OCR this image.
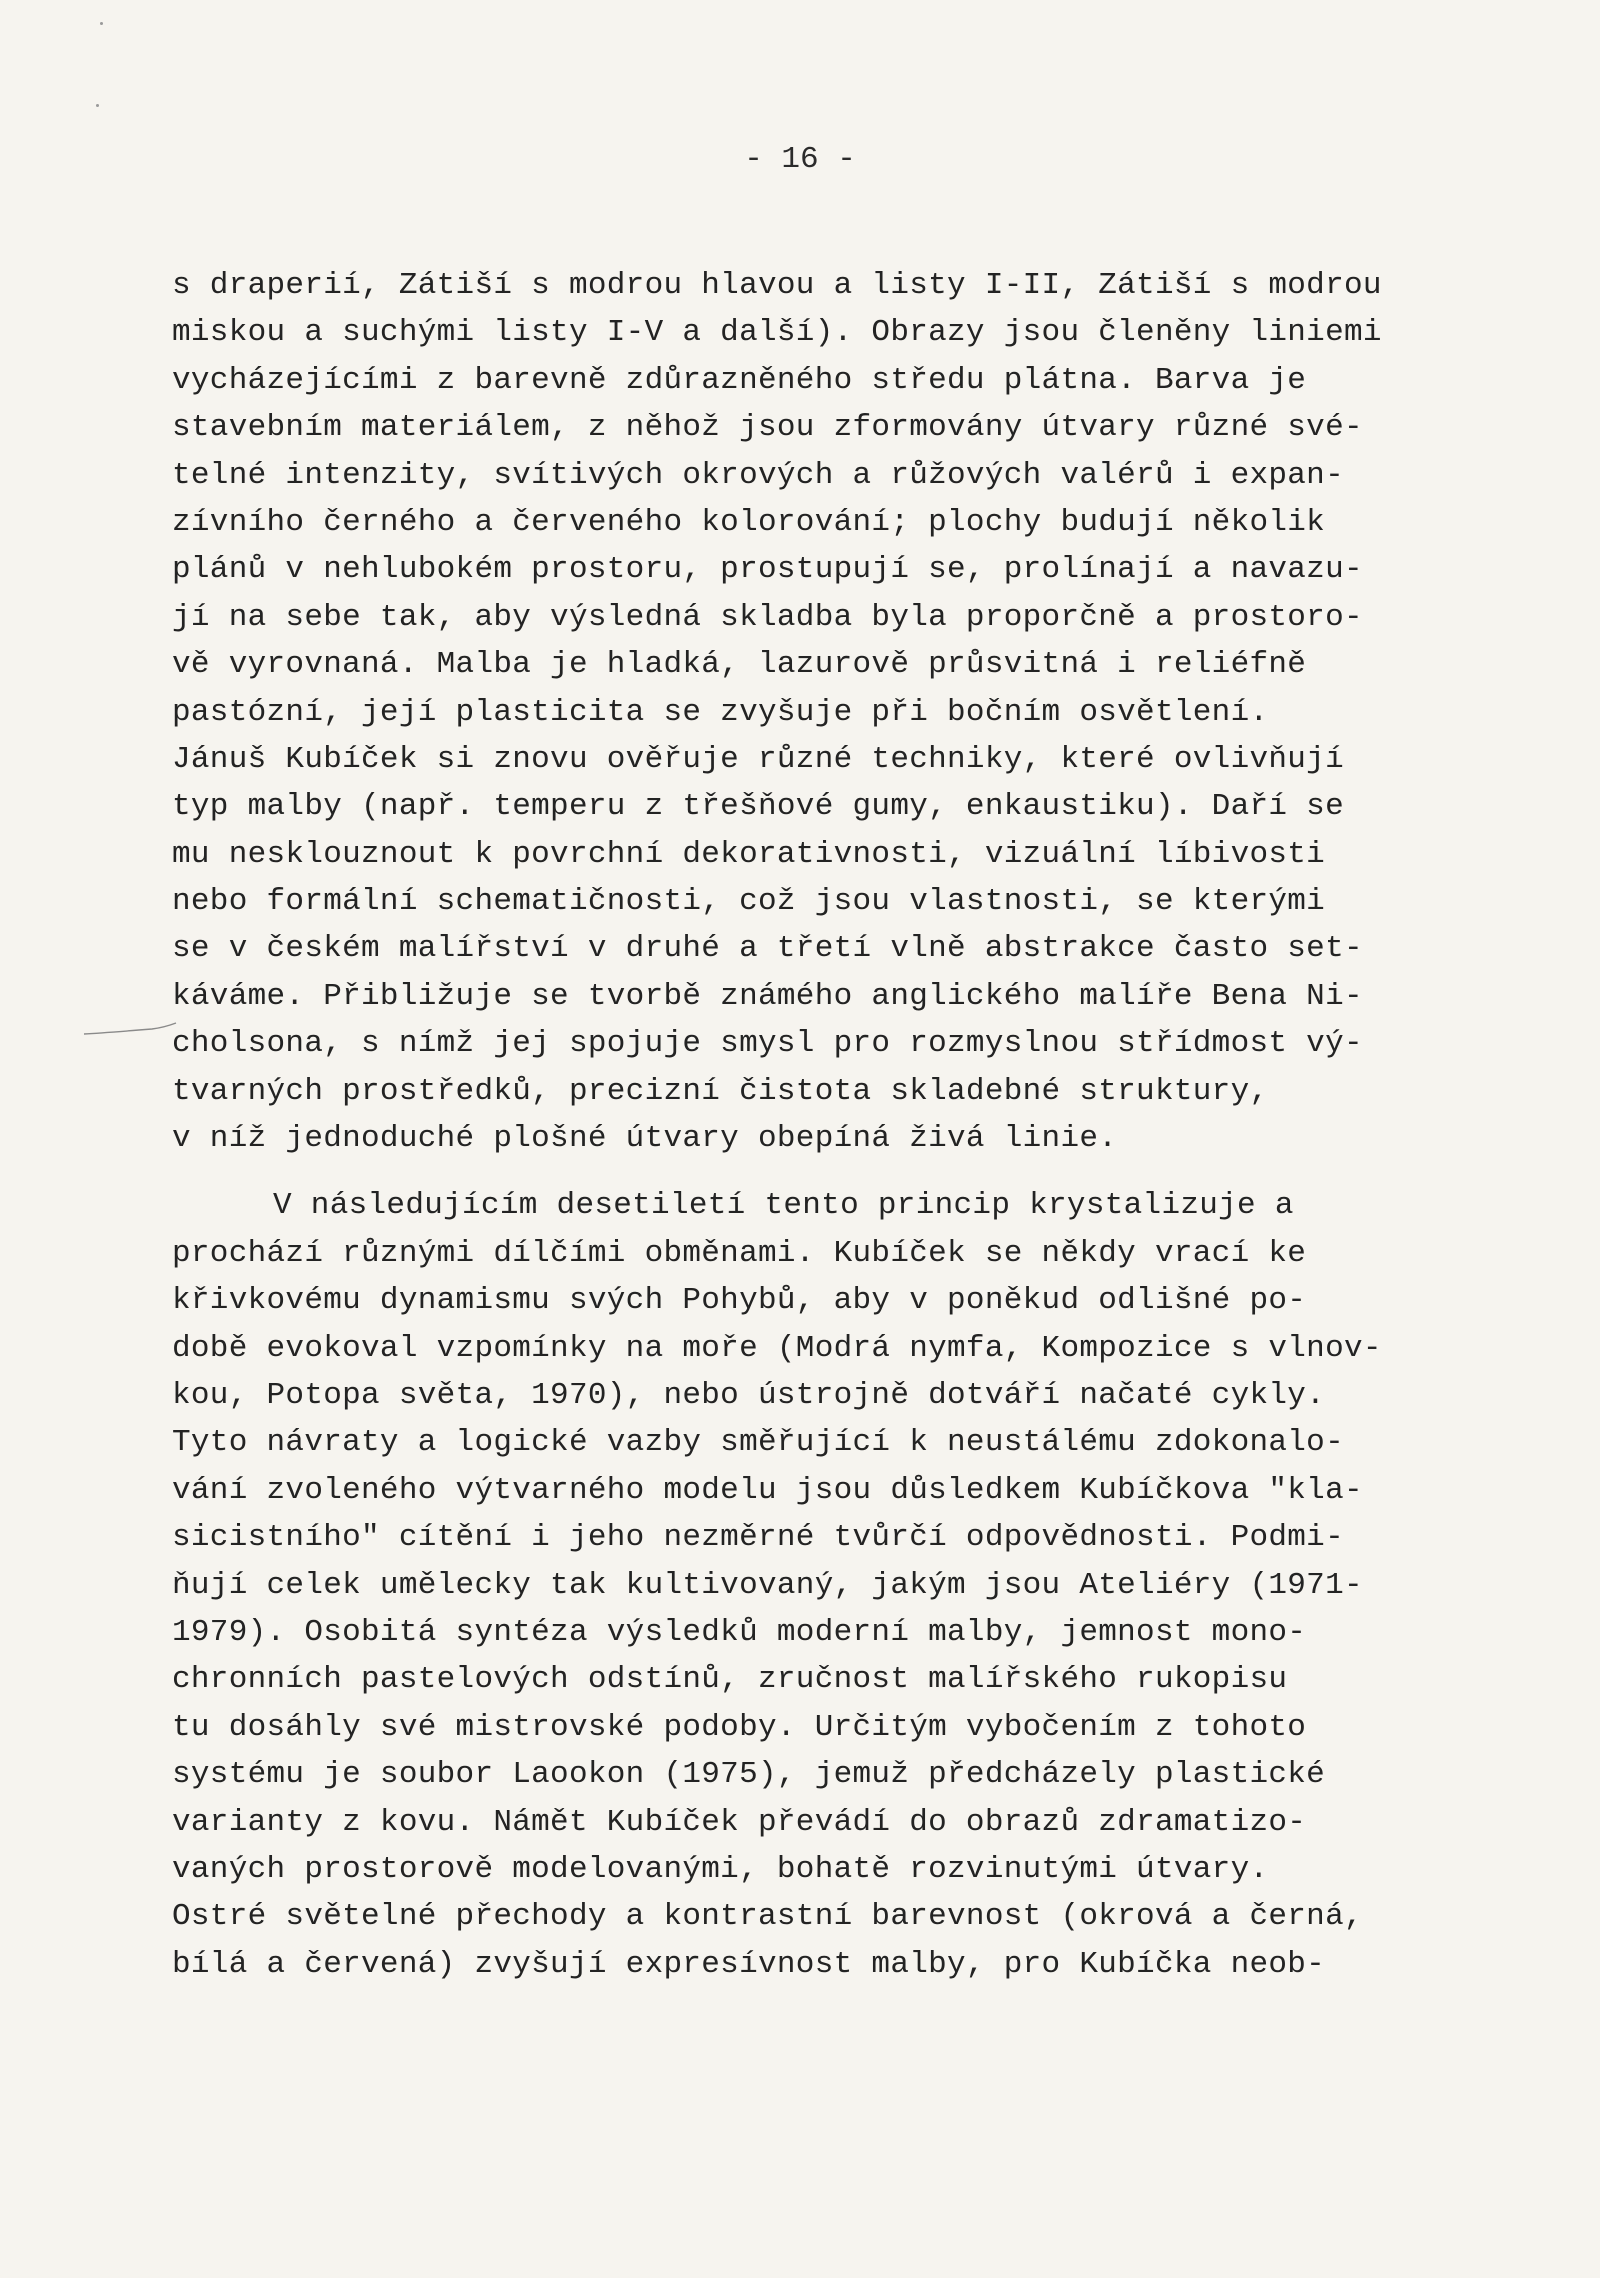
- 16 -
s draperií, Zátiší s modrou hlavou a listy I-II, Zátiší s modrou
miskou a suchými listy I-V a další). Obrazy jsou členěny liniemi
vycházejícími z barevně zdůrazněného středu plátna. Barva je
stavebním materiálem, z něhož jsou zformovány útvary různé své-
telné intenzity, svítivých okrových a růžových valérů i expan-
zívního černého a červeného kolorování; plochy budují několik
plánů v nehlubokém prostoru, prostupují se, prolínají a navazu-
jí na sebe tak, aby výsledná skladba byla proporčně a prostoro-
vě vyrovnaná. Malba je hladká, lazurově průsvitná i reliéfně
pastózní, její plasticita se zvyšuje při bočním osvětlení.
Jánuš Kubíček si znovu ověřuje různé techniky, které ovlivňují
typ malby (např. temperu z třešňové gumy, enkaustiku). Daří se
mu nesklouznout k povrchní dekorativnosti, vizuální líbivosti
nebo formální schematičnosti, což jsou vlastnosti, se kterými
se v českém malířství v druhé a třetí vlně abstrakce často set-
káváme. Přibližuje se tvorbě známého anglického malíře Bena Ni-
cholsona, s nímž jej spojuje smysl pro rozmyslnou střídmost vý-
tvarných prostředků, precizní čistota skladebné struktury,
v níž jednoduché plošné útvary obepíná živá linie.
V následujícím desetiletí tento princip krystalizuje a
prochází různými dílčími obměnami. Kubíček se někdy vrací ke
křivkovému dynamismu svých Pohybů, aby v poněkud odlišné po-
době evokoval vzpomínky na moře (Modrá nymfa, Kompozice s vlnov-
kou, Potopa světa, 1970), nebo ústrojně dotváří načaté cykly.
Tyto návraty a logické vazby směřující k neustálému zdokonalo-
vání zvoleného výtvarného modelu jsou důsledkem Kubíčkova "kla-
sicistního" cítění i jeho nezměrné tvůrčí odpovědnosti. Podmi-
ňují celek umělecky tak kultivovaný, jakým jsou Ateliéry (1971-
1979). Osobitá syntéza výsledků moderní malby, jemnost mono-
chronních pastelových odstínů, zručnost malířského rukopisu
tu dosáhly své mistrovské podoby. Určitým vybočením z tohoto
systému je soubor Laookon (1975), jemuž předcházely plastické
varianty z kovu. Námět Kubíček převádí do obrazů zdramatizo-
vaných prostorově modelovanými, bohatě rozvinutými útvary.
Ostré světelné přechody a kontrastní barevnost (okrová a černá,
bílá a červená) zvyšují expresívnost malby, pro Kubíčka neob-
